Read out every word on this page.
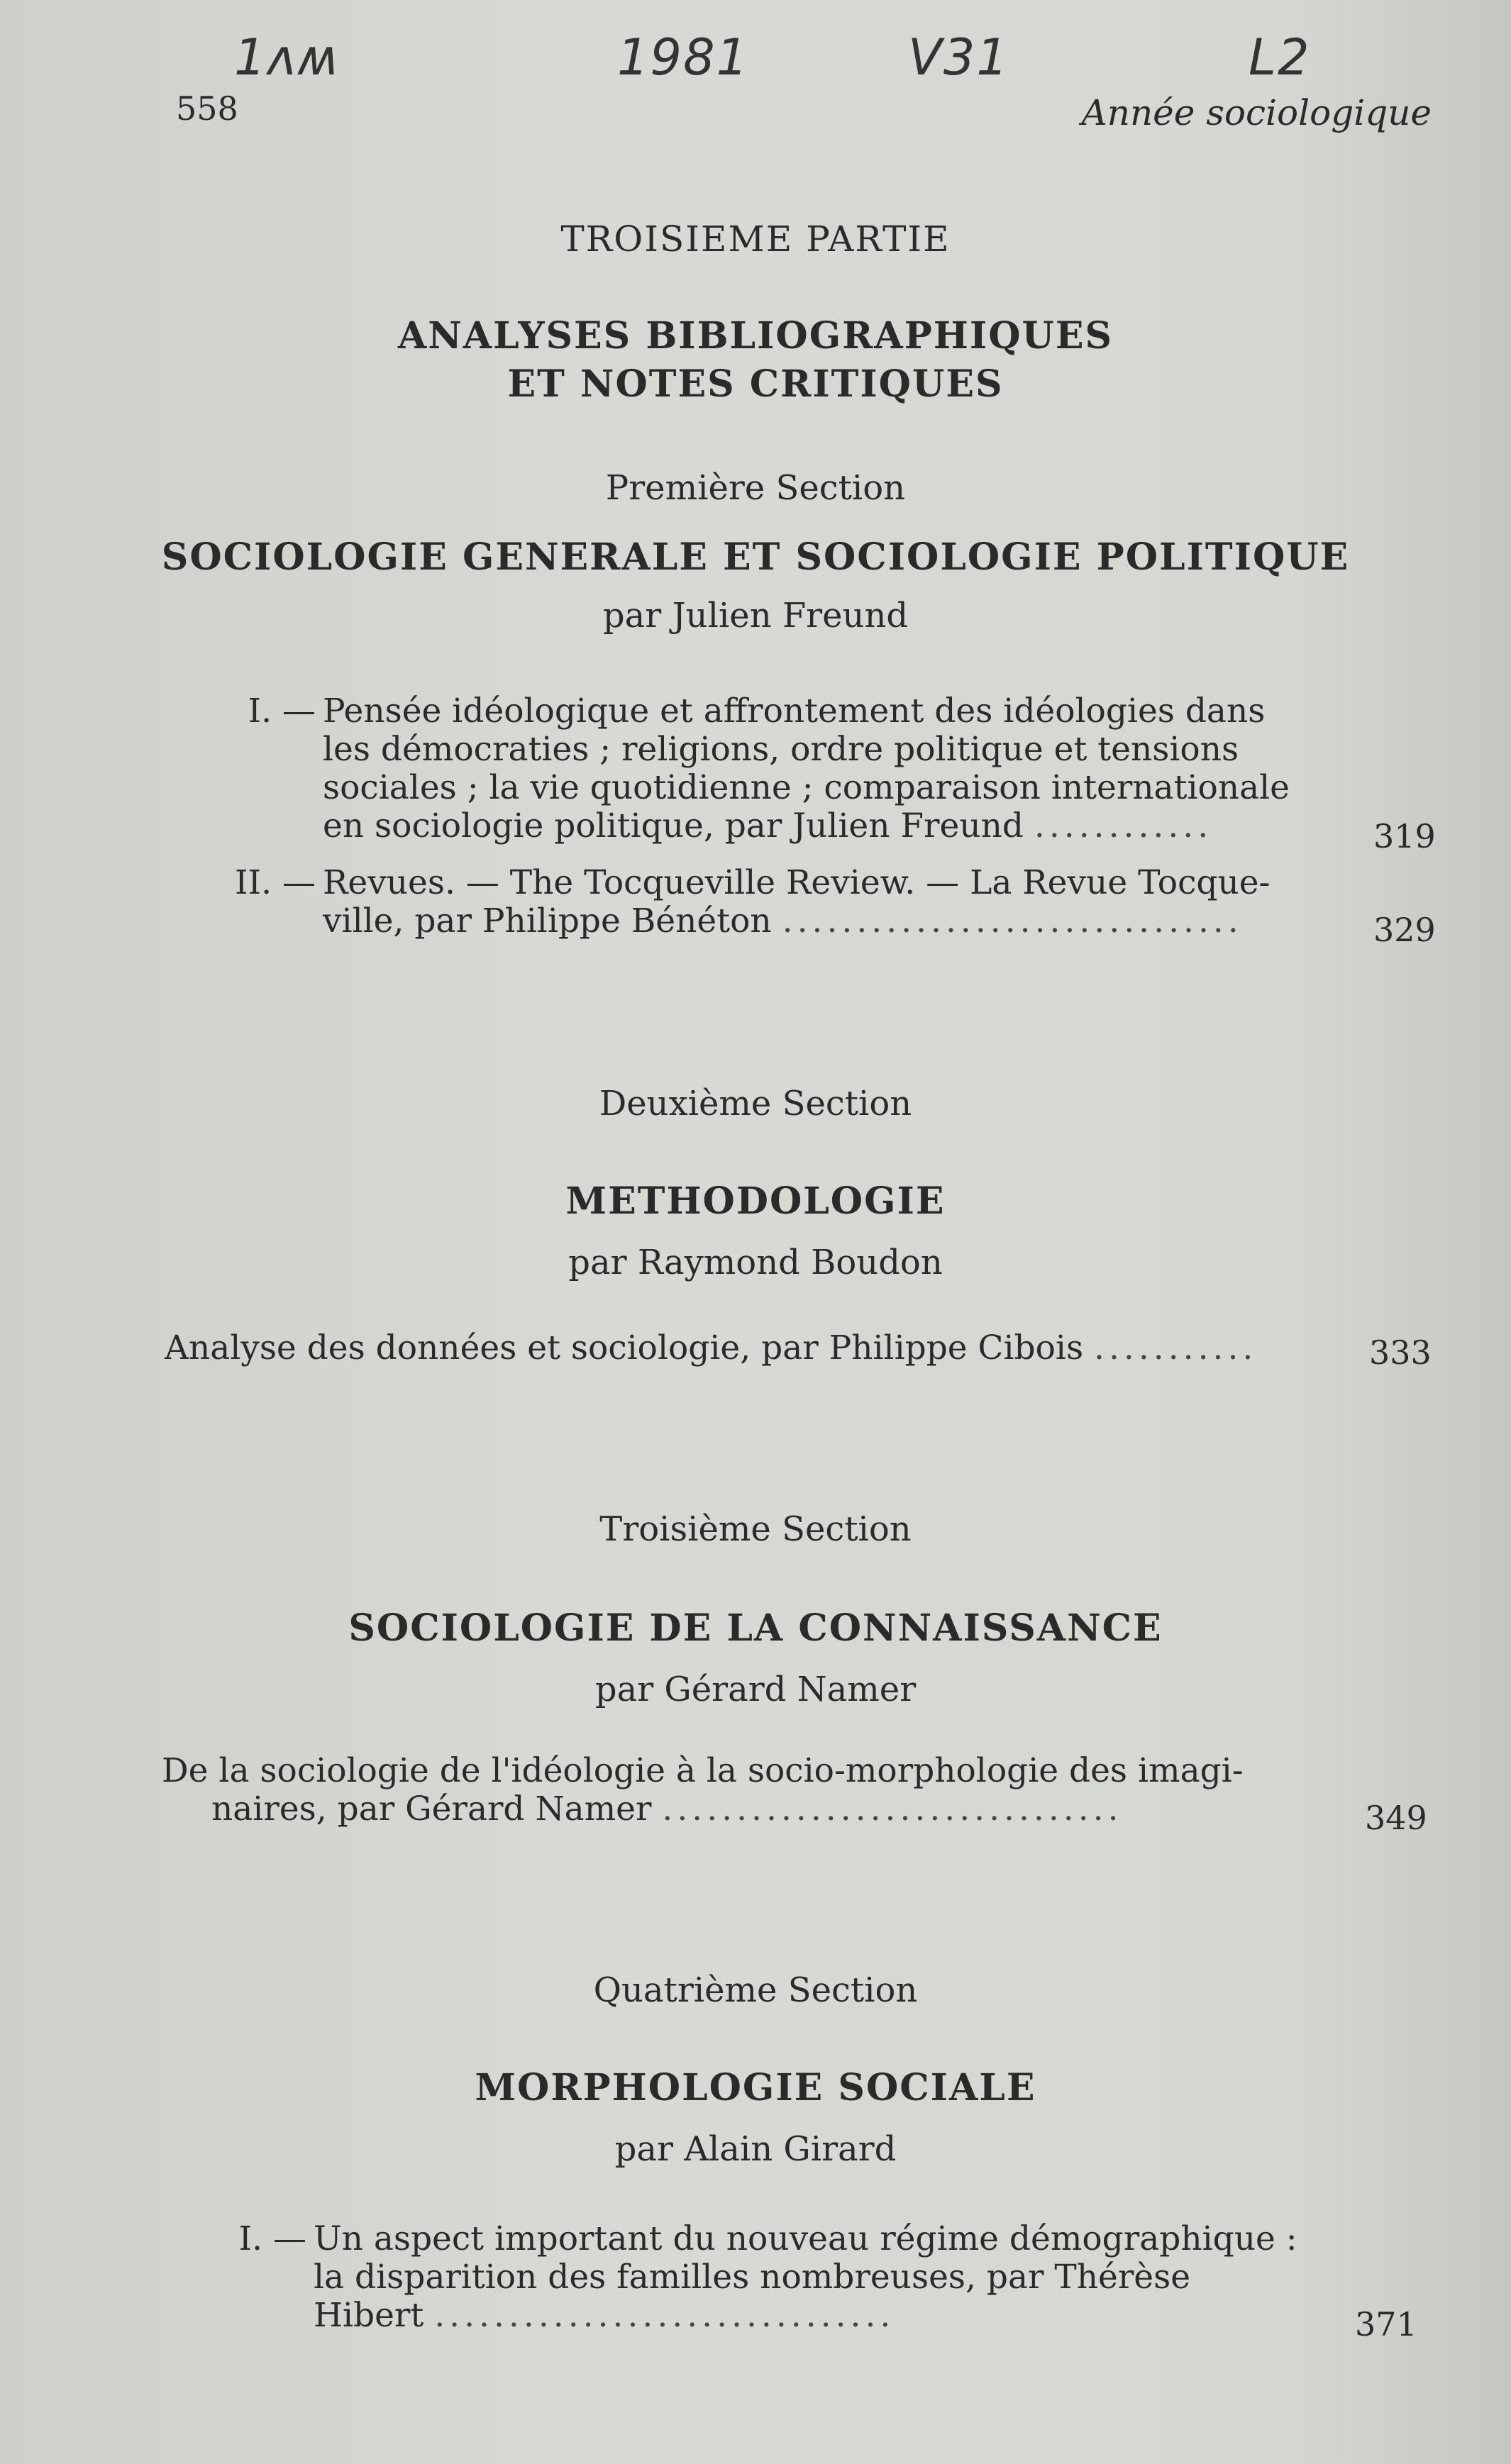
1ʌʍ	1981	V31	L2
558	Année sociologique
TROISIEME PARTIE
ANALYSES BIBLIOGRAPHIQUES
ET NOTES CRITIQUES
Première Section
SOCIOLOGIE GENERALE ET SOCIOLOGIE POLITIQUE
par Julien Freund
I. — Pensée idéologique et affrontement des idéologies dans
les démocraties ; religions, ordre politique et tensions
sociales ; la vie quotidienne ; comparaison internationale
en sociologie politique, par Julien Freund ............	319
II. — Revues. — The Tocqueville Review. — La Revue Tocque-
ville, par Philippe Bénéton ...............................	329
Deuxième Section
METHODOLOGIE
par Raymond Boudon
Analyse des données et sociologie, par Philippe Cibois ...........	333
Troisième Section
SOCIOLOGIE DE LA CONNAISSANCE
par Gérard Namer
De la sociologie de l'idéologie à la socio-morphologie des imagi-
naires, par Gérard Namer ...............................	349
Quatrième Section
MORPHOLOGIE SOCIALE
par Alain Girard
I. — Un aspect important du nouveau régime démographique :
la disparition des familles nombreuses, par Thérèse
Hibert ...............................	371
